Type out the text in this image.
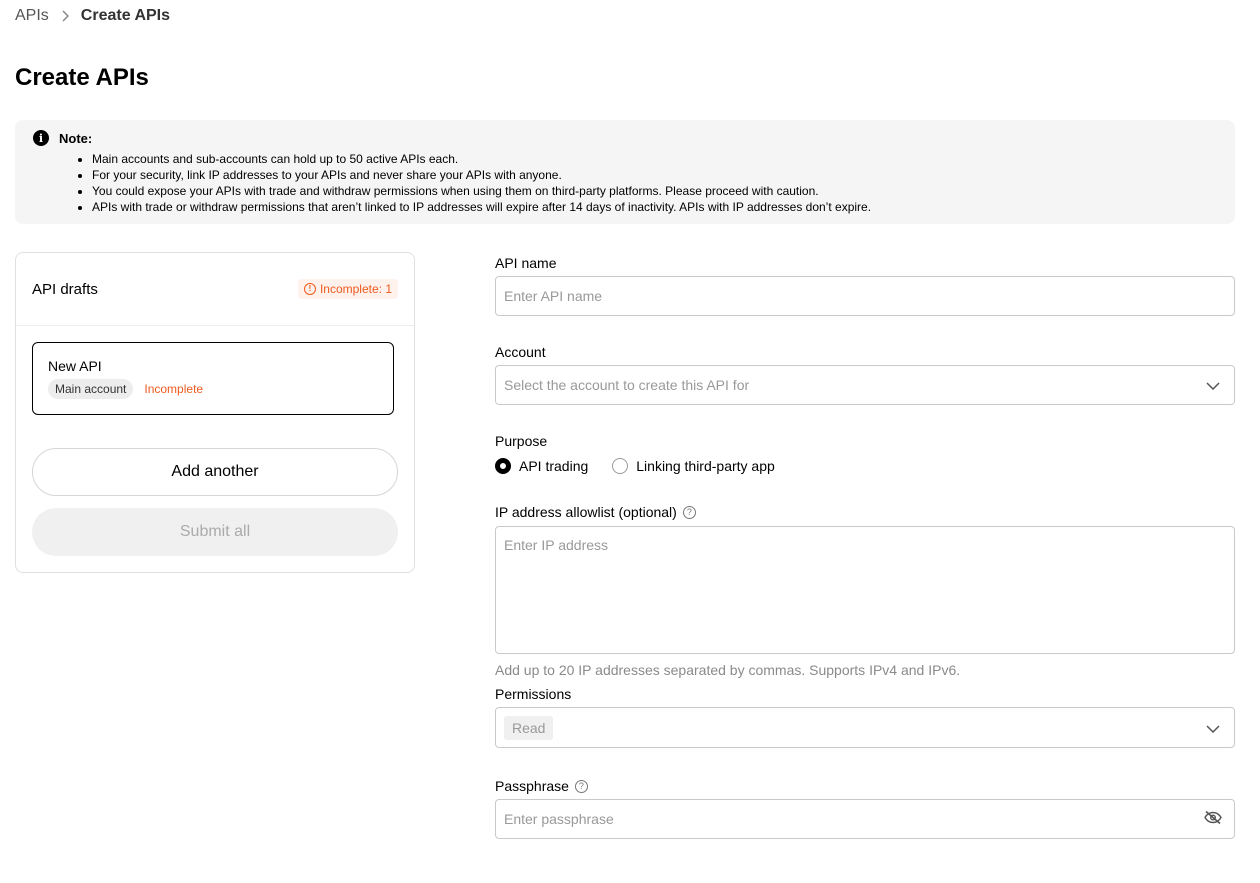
APIs Create APIs
Create APIs
i	Note:
• Main accounts and sub-accounts can hold up to 50 active APIs each.
• For your security, link IP addresses to your APIs and never share your APIs with anyone.
• You could expose your APIs with trade and withdraw permissions when using them on third-party platforms. Please proceed with caution.
• APIs with trade or withdraw permissions that aren’t linked to IP addresses will expire after 14 days of inactivity. APIs with IP addresses don’t expire.
API drafts	! Incomplete: 1
New API
Main account	Incomplete
Add another
Submit all
API name
Enter API name
Account
Select the account to create this API for
Purpose
API trading	Linking third-party app
IP address allowlist (optional)	?
Enter IP address
Add up to 20 IP addresses separated by commas. Supports IPv4 and IPv6.
Permissions
Read
Passphrase	?
Enter passphrase
